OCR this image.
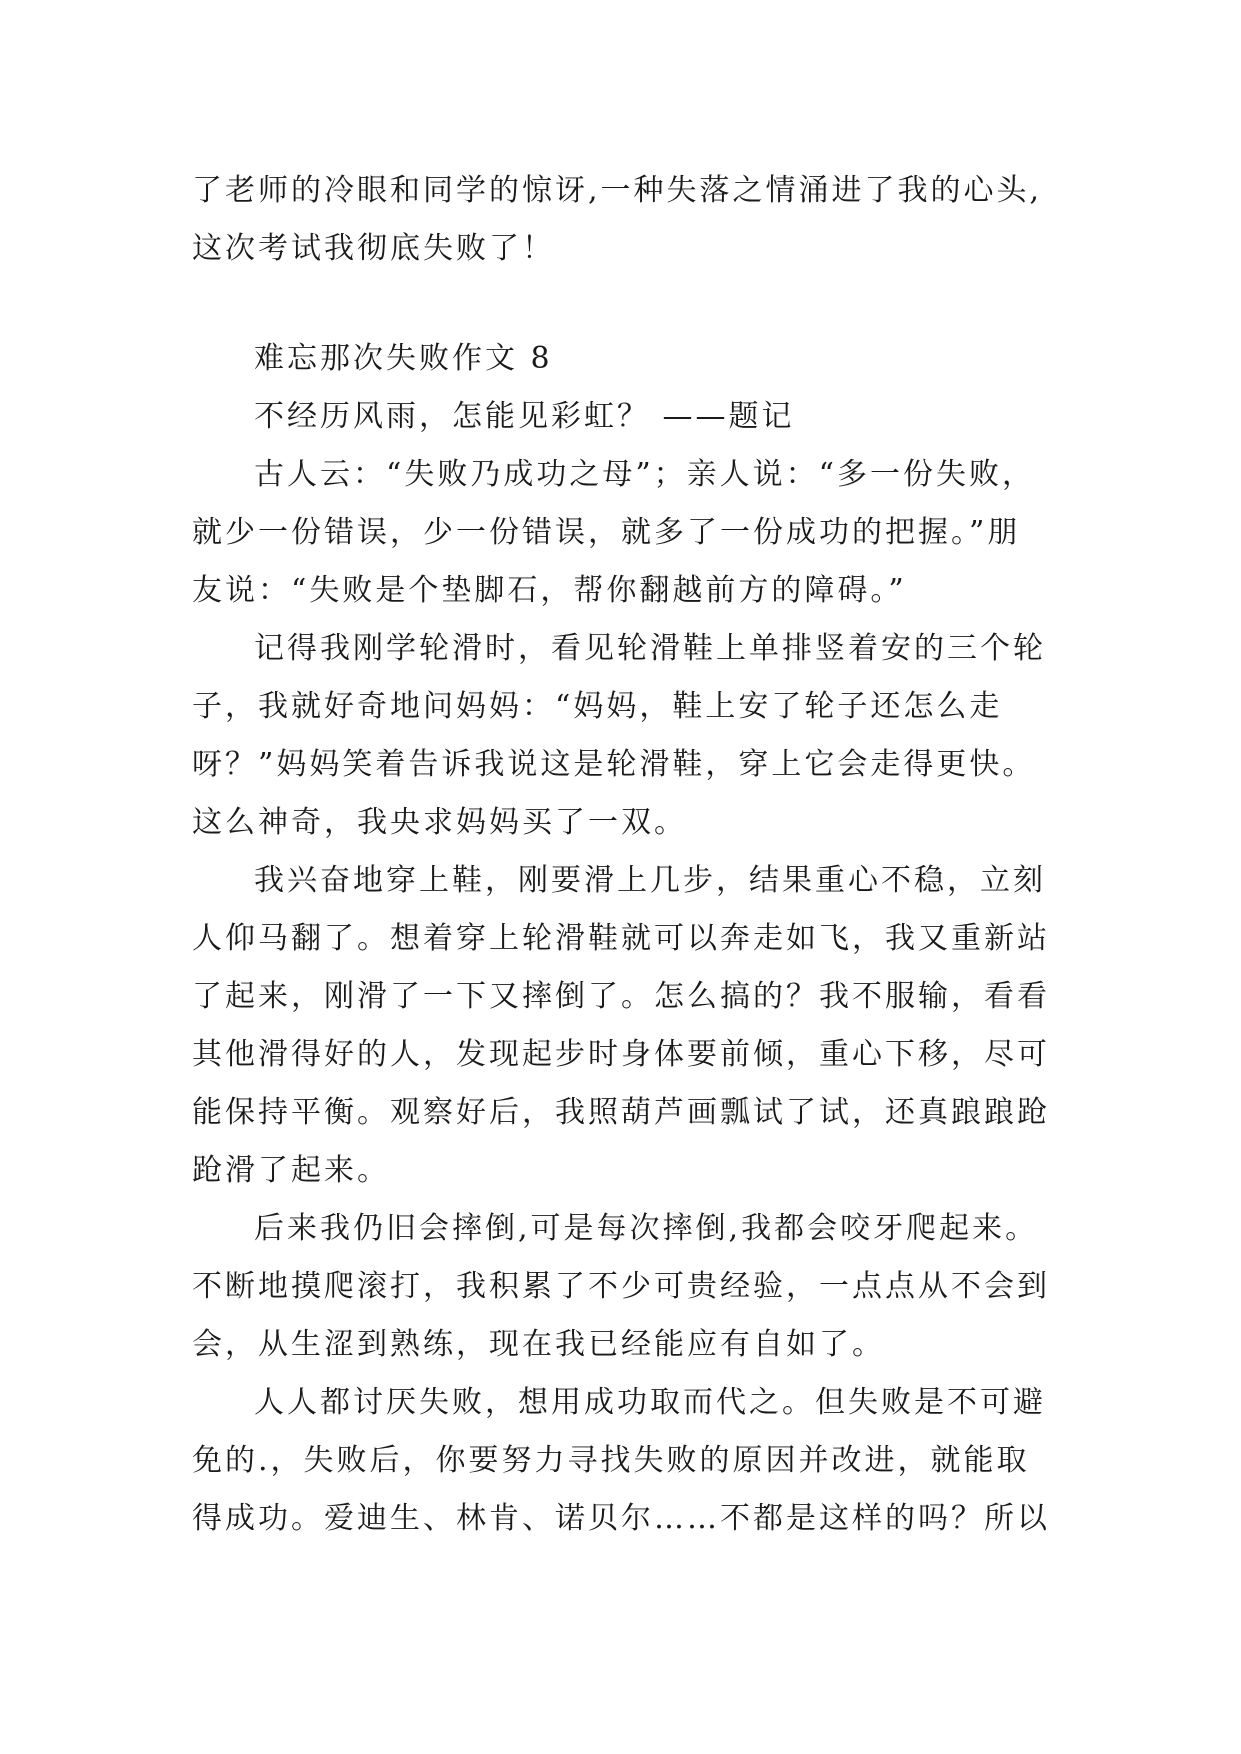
了老师的冷眼和同学的惊讶,一种失落之情涌进了我的心头,
这次考试我彻底失败了！
难忘那次失败作文 8
不经历风雨，怎能见彩虹？ ——题记
古人云：“失败乃成功之母”；亲人说：“多一份失败，
就少一份错误，少一份错误，就多了一份成功的把握。”朋
友说：“失败是个垫脚石，帮你翻越前方的障碍。”
记得我刚学轮滑时，看见轮滑鞋上单排竖着安的三个轮
子，我就好奇地问妈妈：“妈妈，鞋上安了轮子还怎么走
呀？”妈妈笑着告诉我说这是轮滑鞋，穿上它会走得更快。
这么神奇，我央求妈妈买了一双。
我兴奋地穿上鞋，刚要滑上几步，结果重心不稳，立刻
人仰马翻了。想着穿上轮滑鞋就可以奔走如飞，我又重新站
了起来，刚滑了一下又摔倒了。怎么搞的？我不服输，看看
其他滑得好的人，发现起步时身体要前倾，重心下移，尽可
能保持平衡。观察好后，我照葫芦画瓢试了试，还真踉踉跄
跄滑了起来。
后来我仍旧会摔倒,可是每次摔倒,我都会咬牙爬起来。
不断地摸爬滚打，我积累了不少可贵经验，一点点从不会到
会，从生涩到熟练，现在我已经能应有自如了。
人人都讨厌失败，想用成功取而代之。但失败是不可避
免的.，失败后，你要努力寻找失败的原因并改进，就能取
得成功。爱迪生、林肯、诺贝尔……不都是这样的吗？所以
